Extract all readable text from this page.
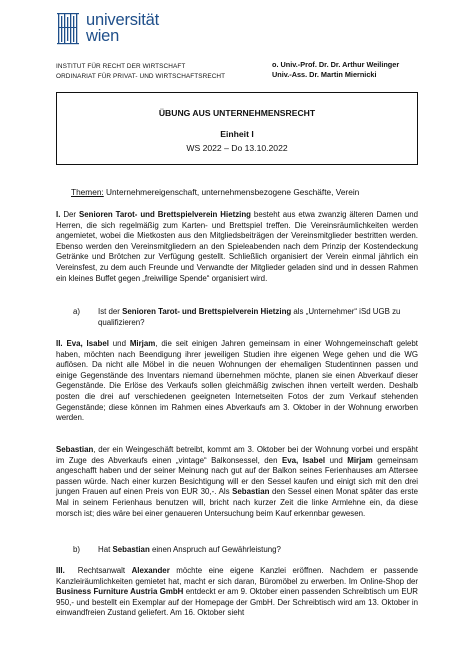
universität
wien
INSTITUT FÜR RECHT DER WIRTSCHAFT
ORDINARIAT FÜR PRIVAT- UND WIRTSCHAFTSRECHT
o. Univ.-Prof. Dr. Dr. Arthur Weilinger
Univ.-Ass. Dr. Martin Miernicki
ÜBUNG AUS UNTERNEHMENSRECHT
Einheit I
WS 2022 – Do 13.10.2022
Themen: Unternehmereigenschaft, unternehmensbezogene Geschäfte, Verein
I. Der Senioren Tarot- und Brettspielverein Hietzing besteht aus etwa zwanzig älteren Damen und Herren, die sich regelmäßig zum Karten- und Brettspiel treffen. Die Vereinsräumlichkeiten werden angemietet, wobei die Mietkosten aus den Mitgliedsbeiträgen der Vereinsmitglieder bestritten werden. Ebenso werden den Vereinsmitgliedern an den Spieleabenden nach dem Prinzip der Kostendeckung Getränke und Brötchen zur Verfügung gestellt. Schließlich organisiert der Verein einmal jährlich ein Vereinsfest, zu dem auch Freunde und Verwandte der Mitglieder geladen sind und in dessen Rahmen ein kleines Buffet gegen „freiwillige Spende“ organisiert wird.
a) Ist der Senioren Tarot- und Brettspielverein Hietzing als „Unternehmer“ iSd UGB zu qualifizieren?
II. Eva, Isabel und Mirjam, die seit einigen Jahren gemeinsam in einer Wohngemeinschaft gelebt haben, möchten nach Beendigung ihrer jeweiligen Studien ihre eigenen Wege gehen und die WG auflösen. Da nicht alle Möbel in die neuen Wohnungen der ehemaligen Studentinnen passen und einige Gegenstände des Inventars niemand übernehmen möchte, planen sie einen Abverkauf dieser Gegenstände. Die Erlöse des Verkaufs sollen gleichmäßig zwischen ihnen verteilt werden. Deshalb posten die drei auf verschiedenen geeigneten Internetseiten Fotos der zum Verkauf stehenden Gegenstände; diese können im Rahmen eines Abverkaufs am 3. Oktober in der Wohnung erworben werden.
Sebastian, der ein Weingeschäft betreibt, kommt am 3. Oktober bei der Wohnung vorbei und erspäht im Zuge des Abverkaufs einen „vintage“ Balkonsessel, den Eva, Isabel und Mirjam gemeinsam angeschafft haben und der seiner Meinung nach gut auf der Balkon seines Ferienhauses am Attersee passen würde. Nach einer kurzen Besichtigung will er den Sessel kaufen und einigt sich mit den drei jungen Frauen auf einen Preis von EUR 30,-. Als Sebastian den Sessel einen Monat später das erste Mal in seinem Ferienhaus benutzen will, bricht nach kurzer Zeit die linke Armlehne ein, da diese morsch ist; dies wäre bei einer genaueren Untersuchung beim Kauf erkennbar gewesen.
b) Hat Sebastian einen Anspruch auf Gewährleistung?
III.  Rechtsanwalt Alexander möchte eine eigene Kanzlei eröffnen. Nachdem er passende Kanzleiräumlichkeiten gemietet hat, macht er sich daran, Büromöbel zu erwerben. Im Online-Shop der Business Furniture Austria GmbH entdeckt er am 9. Oktober einen passenden Schreibtisch um EUR 950,- und bestellt ein Exemplar auf der Homepage der GmbH. Der Schreibtisch wird am 13. Oktober in einwandfreien Zustand geliefert. Am 16. Oktober sieht
